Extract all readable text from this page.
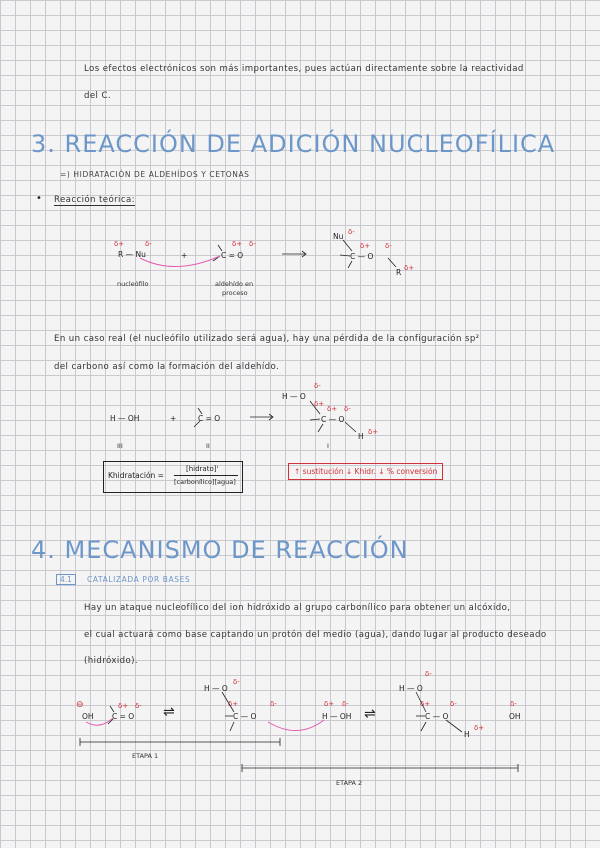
Los efectos electrónicos son más importantes, pues actúan directamente sobre la reactividad
del C.
3. REACCIÓN DE ADICIÓN NUCLEOFÍLICA
=) HIDRATACIÓN DE ALDEHÍDOS Y CETONAS
• Reacción teórica:
R — Nu
δ+	δ-
+	C = O
δ+ δ-
nucleófilo	aldehído en
proceso
Nu δ-
C — O
δ+ δ-
R δ+
En un caso real (el nucleófilo utilizado será agua), hay una pérdida de la configuración sp²
del carbono así como la formación del aldehído.
H — OH	+	C = O
III	II
H — O
δ-
δ+
C — O
δ+ δ-
H δ+
I
Khidratación =
[hidrato]'
[carbonílico][agua]
↑ sustitución ↓ Khidr. ↓ % conversión
4. MECANISMO DE REACCIÓN
4.1	CATALIZADA POR BASES
Hay un ataque nucleofílico del ion hidróxido al grupo carbonílico para obtener un alcóxido,
el cual actuará como base captando un protón del medio (agua), dando lugar al producto deseado
(hidróxido).
⊖
OH C = O
δ+ δ- ⇌
H — O
δ-
C — O
δ+	δ-
H — OH
δ+ δ-
⇌
H — O
δ-
C — O
δ+	δ-
H
δ+
OH
δ-
ETAPA 1
ETAPA 2
